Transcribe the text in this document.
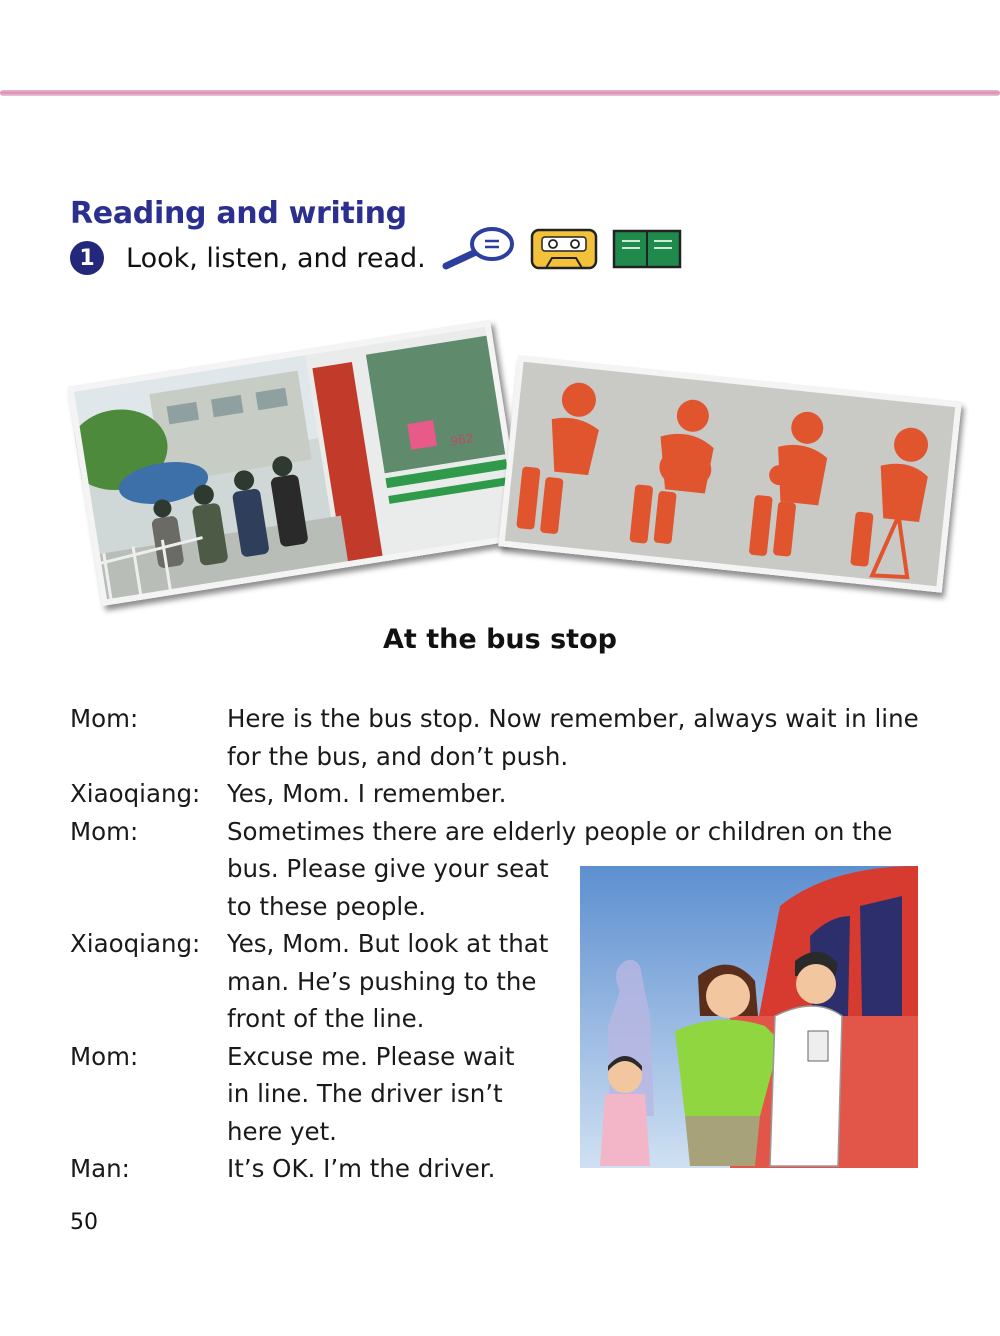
Reading and writing
1	Look, listen, and read.
962
At the bus stop
Mom:	Here is the bus stop. Now remember, always wait in line
for the bus, and don’t push.
Xiaoqiang:	Yes, Mom. I remember.
Mom:	Sometimes there are elderly people or children on the
bus. Please give your seat
to these people.
Xiaoqiang:	Yes, Mom. But look at that
man. He’s pushing to the
front of the line.
Mom:	Excuse me. Please wait
in line. The driver isn’t
here yet.
Man:	It’s OK. I’m the driver.
50
